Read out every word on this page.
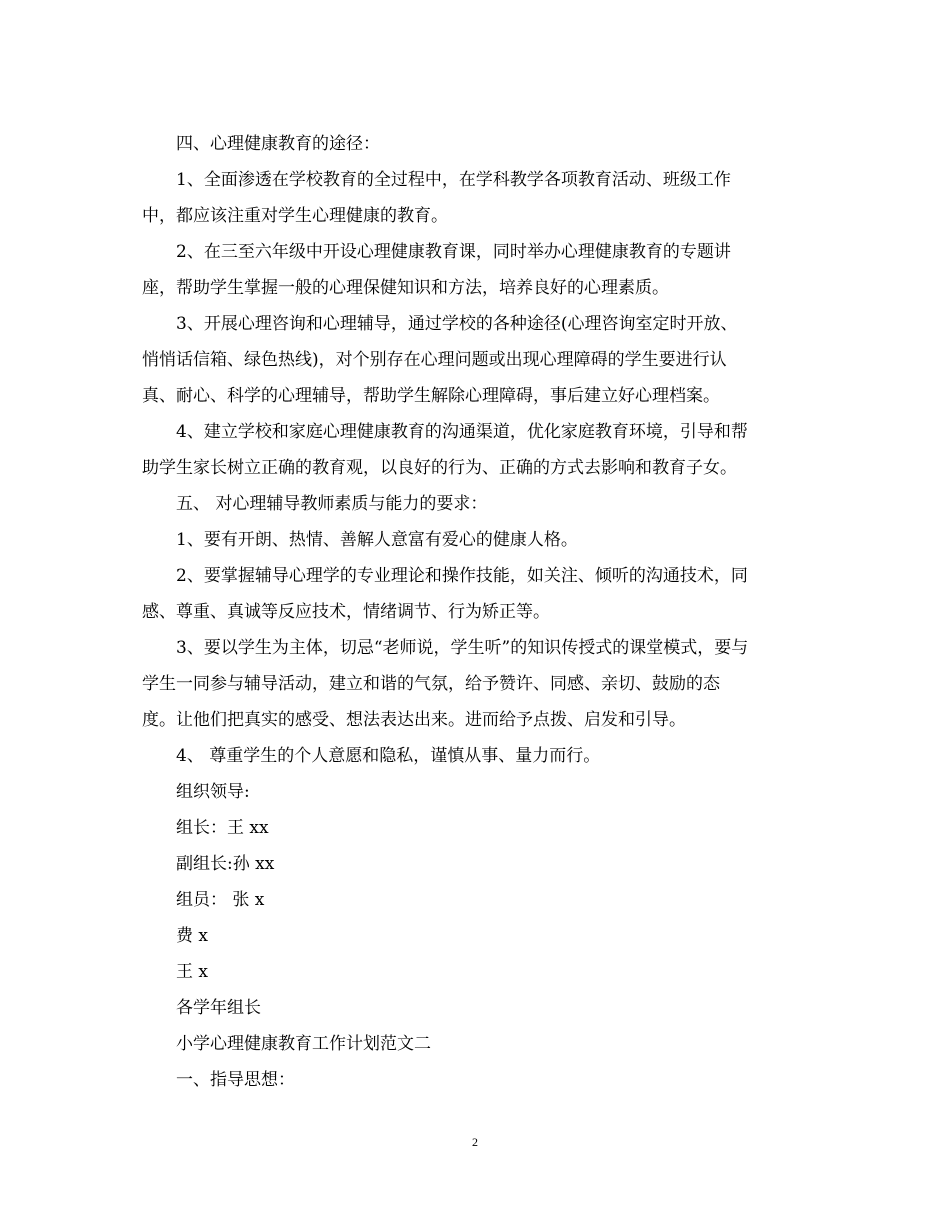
四、心理健康教育的途径：
1、全面渗透在学校教育的全过程中，在学科教学各项教育活动、班级工作
中，都应该注重对学生心理健康的教育。
2、在三至六年级中开设心理健康教育课，同时举办心理健康教育的专题讲
座，帮助学生掌握一般的心理保健知识和方法，培养良好的心理素质。
3、开展心理咨询和心理辅导，通过学校的各种途径(心理咨询室定时开放、
悄悄话信箱、绿色热线)，对个别存在心理问题或出现心理障碍的学生要进行认
真、耐心、科学的心理辅导，帮助学生解除心理障碍，事后建立好心理档案。
4、建立学校和家庭心理健康教育的沟通渠道，优化家庭教育环境，引导和帮
助学生家长树立正确的教育观，以良好的行为、正确的方式去影响和教育子女。
五、 对心理辅导教师素质与能力的要求：
1、要有开朗、热情、善解人意富有爱心的健康人格。
2、要掌握辅导心理学的专业理论和操作技能，如关注、倾听的沟通技术，同
感、尊重、真诚等反应技术，情绪调节、行为矫正等。
3、要以学生为主体，切忌“老师说，学生听”的知识传授式的课堂模式，要与
学生一同参与辅导活动，建立和谐的气氛，给予赞许、同感、亲切、鼓励的态
度。让他们把真实的感受、想法表达出来。进而给予点拨、启发和引导。
4、 尊重学生的个人意愿和隐私，谨慎从事、量力而行。
组织领导:
组长：王 xx
副组长:孙 xx
组员： 张 x
费 x
王 x
各学年组长
小学心理健康教育工作计划范文二
一、指导思想：
2
